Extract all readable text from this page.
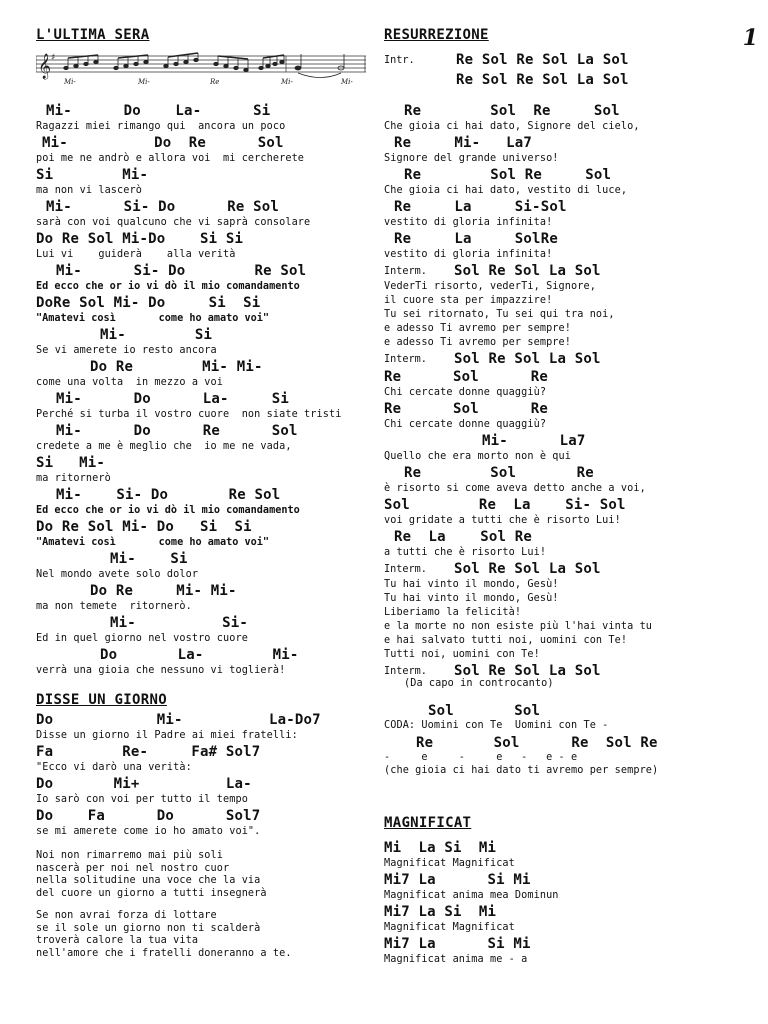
1
L'ULTIMA SERA
𝄞 ♯
Mi-	Mi-	Re	Mi-	Mi-
Mi-      Do    La-      Si
Ragazzi miei rimango qui  ancora un poco
Mi-          Do  Re      Sol
poi me ne andrò e allora voi  mi cercherete
Si        Mi-
ma non vi lascerò
Mi-      Si- Do      Re Sol
sarà con voi qualcuno che vi saprà consolare
Do Re Sol Mi-Do    Si Si
Lui vi    guiderà    alla verità
Mi-      Si- Do        Re Sol
Ed ecco che or io vi dò il mio comandamento
DoRe Sol Mi- Do     Si  Si
"Amatevi così       come ho amato voi"
Mi-        Si
Se vi amerete io resto ancora
Do Re        Mi- Mi-
come una volta  in mezzo a voi
Mi-      Do      La-     Si
Perché si turba il vostro cuore  non siate tristi
Mi-      Do      Re      Sol
credete a me è meglio che  io me ne vada,
Si   Mi-
ma ritornerò
Mi-    Si- Do       Re Sol
Ed ecco che or io vi dò il mio comandamento
Do Re Sol Mi- Do   Si  Si
"Amatevi così       come ho amato voi"
Mi-    Si
Nel mondo avete solo dolor
Do Re     Mi- Mi-
ma non temete  ritornerò.
Mi-          Si-
Ed in quel giorno nel vostro cuore
Do       La-        Mi-
verrà una gioia che nessuno vi toglierà!
DISSE UN GIORNO
Do            Mi-          La-Do7
Disse un giorno il Padre ai miei fratelli:
Fa        Re-     Fa# Sol7
"Ecco vi darò una verità:
Do       Mi+          La-
Io sarò con voi per tutto il tempo
Do    Fa      Do      Sol7
se mi amerete come io ho amato voi".
Noi non rimarremo mai più soli
nascerà per noi nel nostro cuor
nella solitudine una voce che la via
del cuore un giorno a tutti insegnerà
Se non avrai forza di lottare
se il sole un giorno non ti scalderà
troverà calore la tua vita
nell'amore che i fratelli doneranno a te.
RESURREZIONE
Intr.	Re Sol Re Sol La Sol
Re Sol Re Sol La Sol
Re        Sol  Re     Sol
Che gioia ci hai dato, Signore del cielo,
Re     Mi-   La7
Signore del grande universo!
Re        Sol Re     Sol
Che gioia ci hai dato, vestito di luce,
Re     La     Si-Sol
vestito di gloria infinita!
Re     La     SolRe
vestito di gloria infinita!
Interm. Sol Re Sol La Sol
VederTi risorto, vederTi, Signore,
il cuore sta per impazzire!
Tu sei ritornato, Tu sei qui tra noi,
e adesso Ti avremo per sempre!
e adesso Ti avremo per sempre!
Interm. Sol Re Sol La Sol
Re      Sol      Re
Chi cercate donne quaggiù?
Re      Sol      Re
Chi cercate donne quaggiù?
Mi-      La7
Quello che era morto non è qui
Re        Sol       Re
è risorto si come aveva detto anche a voi,
Sol        Re  La    Si- Sol
voi gridate a tutti che è risorto Lui!
Re  La    Sol Re
a tutti che è risorto Lui!
Interm. Sol Re Sol La Sol
Tu hai vinto il mondo, Gesù!
Tu hai vinto il mondo, Gesù!
Liberiamo la felicità!
e la morte no non esiste più l'hai vinta tu
e hai salvato tutti noi, uomini con Te!
Tutti noi, uomini con Te!
Interm. Sol Re Sol La Sol
(Da capo in controcanto)
Sol       Sol
CODA: Uomini con Te  Uomini con Te -
Re       Sol      Re  Sol Re
-     e     -     e   -   e - e
(che gioia ci hai dato ti avremo per sempre)
MAGNIFICAT
Mi  La Si  Mi
Magnificat Magnificat
Mi7 La      Si Mi
Magnificat anima mea Dominun
Mi7 La Si  Mi
Magnificat Magnificat
Mi7 La      Si Mi
Magnificat anima me - a
